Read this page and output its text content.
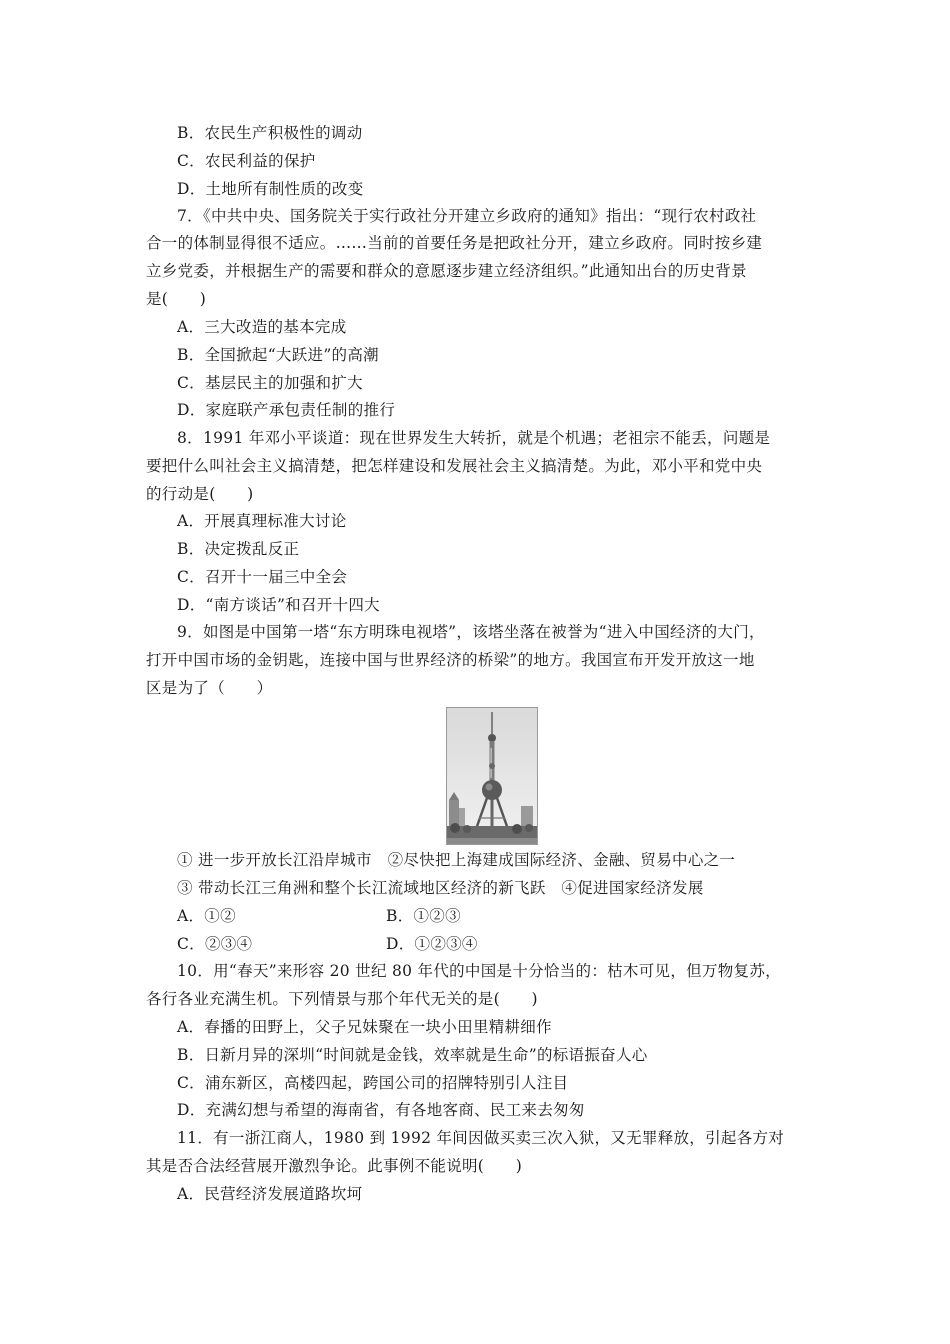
B．农民生产积极性的调动
C．农民利益的保护
D．土地所有制性质的改变
7．《中共中央、国务院关于实行政社分开建立乡政府的通知》指出：“现行农村政社
合一的体制显得很不适应。……当前的首要任务是把政社分开，建立乡政府。同时按乡建
立乡党委，并根据生产的需要和群众的意愿逐步建立经济组织。”此通知出台的历史背景
是(　　)
A．三大改造的基本完成
B．全国掀起“大跃进”的高潮
C．基层民主的加强和扩大
D．家庭联产承包责任制的推行
8．1991 年邓小平谈道：现在世界发生大转折，就是个机遇；老祖宗不能丢，问题是
要把什么叫社会主义搞清楚，把怎样建设和发展社会主义搞清楚。为此，邓小平和党中央
的行动是(　　)
A．开展真理标准大讨论
B．决定拨乱反正
C．召开十一届三中全会
D．“南方谈话”和召开十四大
9．如图是中国第一塔“东方明珠电视塔”，该塔坐落在被誉为“进入中国经济的大门，
打开中国市场的金钥匙，连接中国与世界经济的桥梁”的地方。我国宣布开发开放这一地
区是为了（　　）
① 进一步开放长江沿岸城市　②尽快把上海建成国际经济、金融、贸易中心之一
③ 带动长江三角洲和整个长江流域地区经济的新飞跃　④促进国家经济发展
A．①②	B．①②③
C．②③④	D．①②③④
10．用“春天”来形容 20 世纪 80 年代的中国是十分恰当的：枯木可见，但万物复苏，
各行各业充满生机。下列情景与那个年代无关的是(　　)
A．春播的田野上，父子兄妹聚在一块小田里精耕细作
B．日新月异的深圳“时间就是金钱，效率就是生命”的标语振奋人心
C．浦东新区，高楼四起，跨国公司的招牌特别引人注目
D．充满幻想与希望的海南省，有各地客商、民工来去匆匆
11．有一浙江商人，1980 到 1992 年间因做买卖三次入狱，又无罪释放，引起各方对
其是否合法经营展开激烈争论。此事例不能说明(　　)
A．民营经济发展道路坎坷
